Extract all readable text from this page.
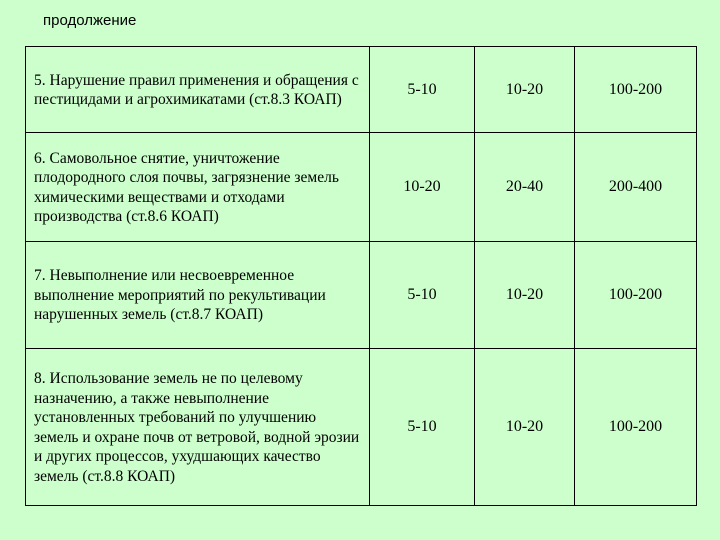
продолжение
5. Нарушение правил применения и обращения с пестицидами и агрохимикатами (ст.8.3 КОАП)	5-10	10-20	100-200
6. Самовольное снятие, уничтожение плодородного слоя почвы, загрязнение земель химическими веществами и отходами производства (ст.8.6 КОАП)	10-20	20-40	200-400
7. Невыполнение или несвоевременное выполнение мероприятий по рекультивации нарушенных земель (ст.8.7 КОАП)	5-10	10-20	100-200
8. Использование земель не по целевому назначению, а также невыполнение установленных требований по улучшению земель и охране почв от ветровой, водной эрозии и других процессов, ухудшающих качество земель (ст.8.8 КОАП)	5-10	10-20	100-200
